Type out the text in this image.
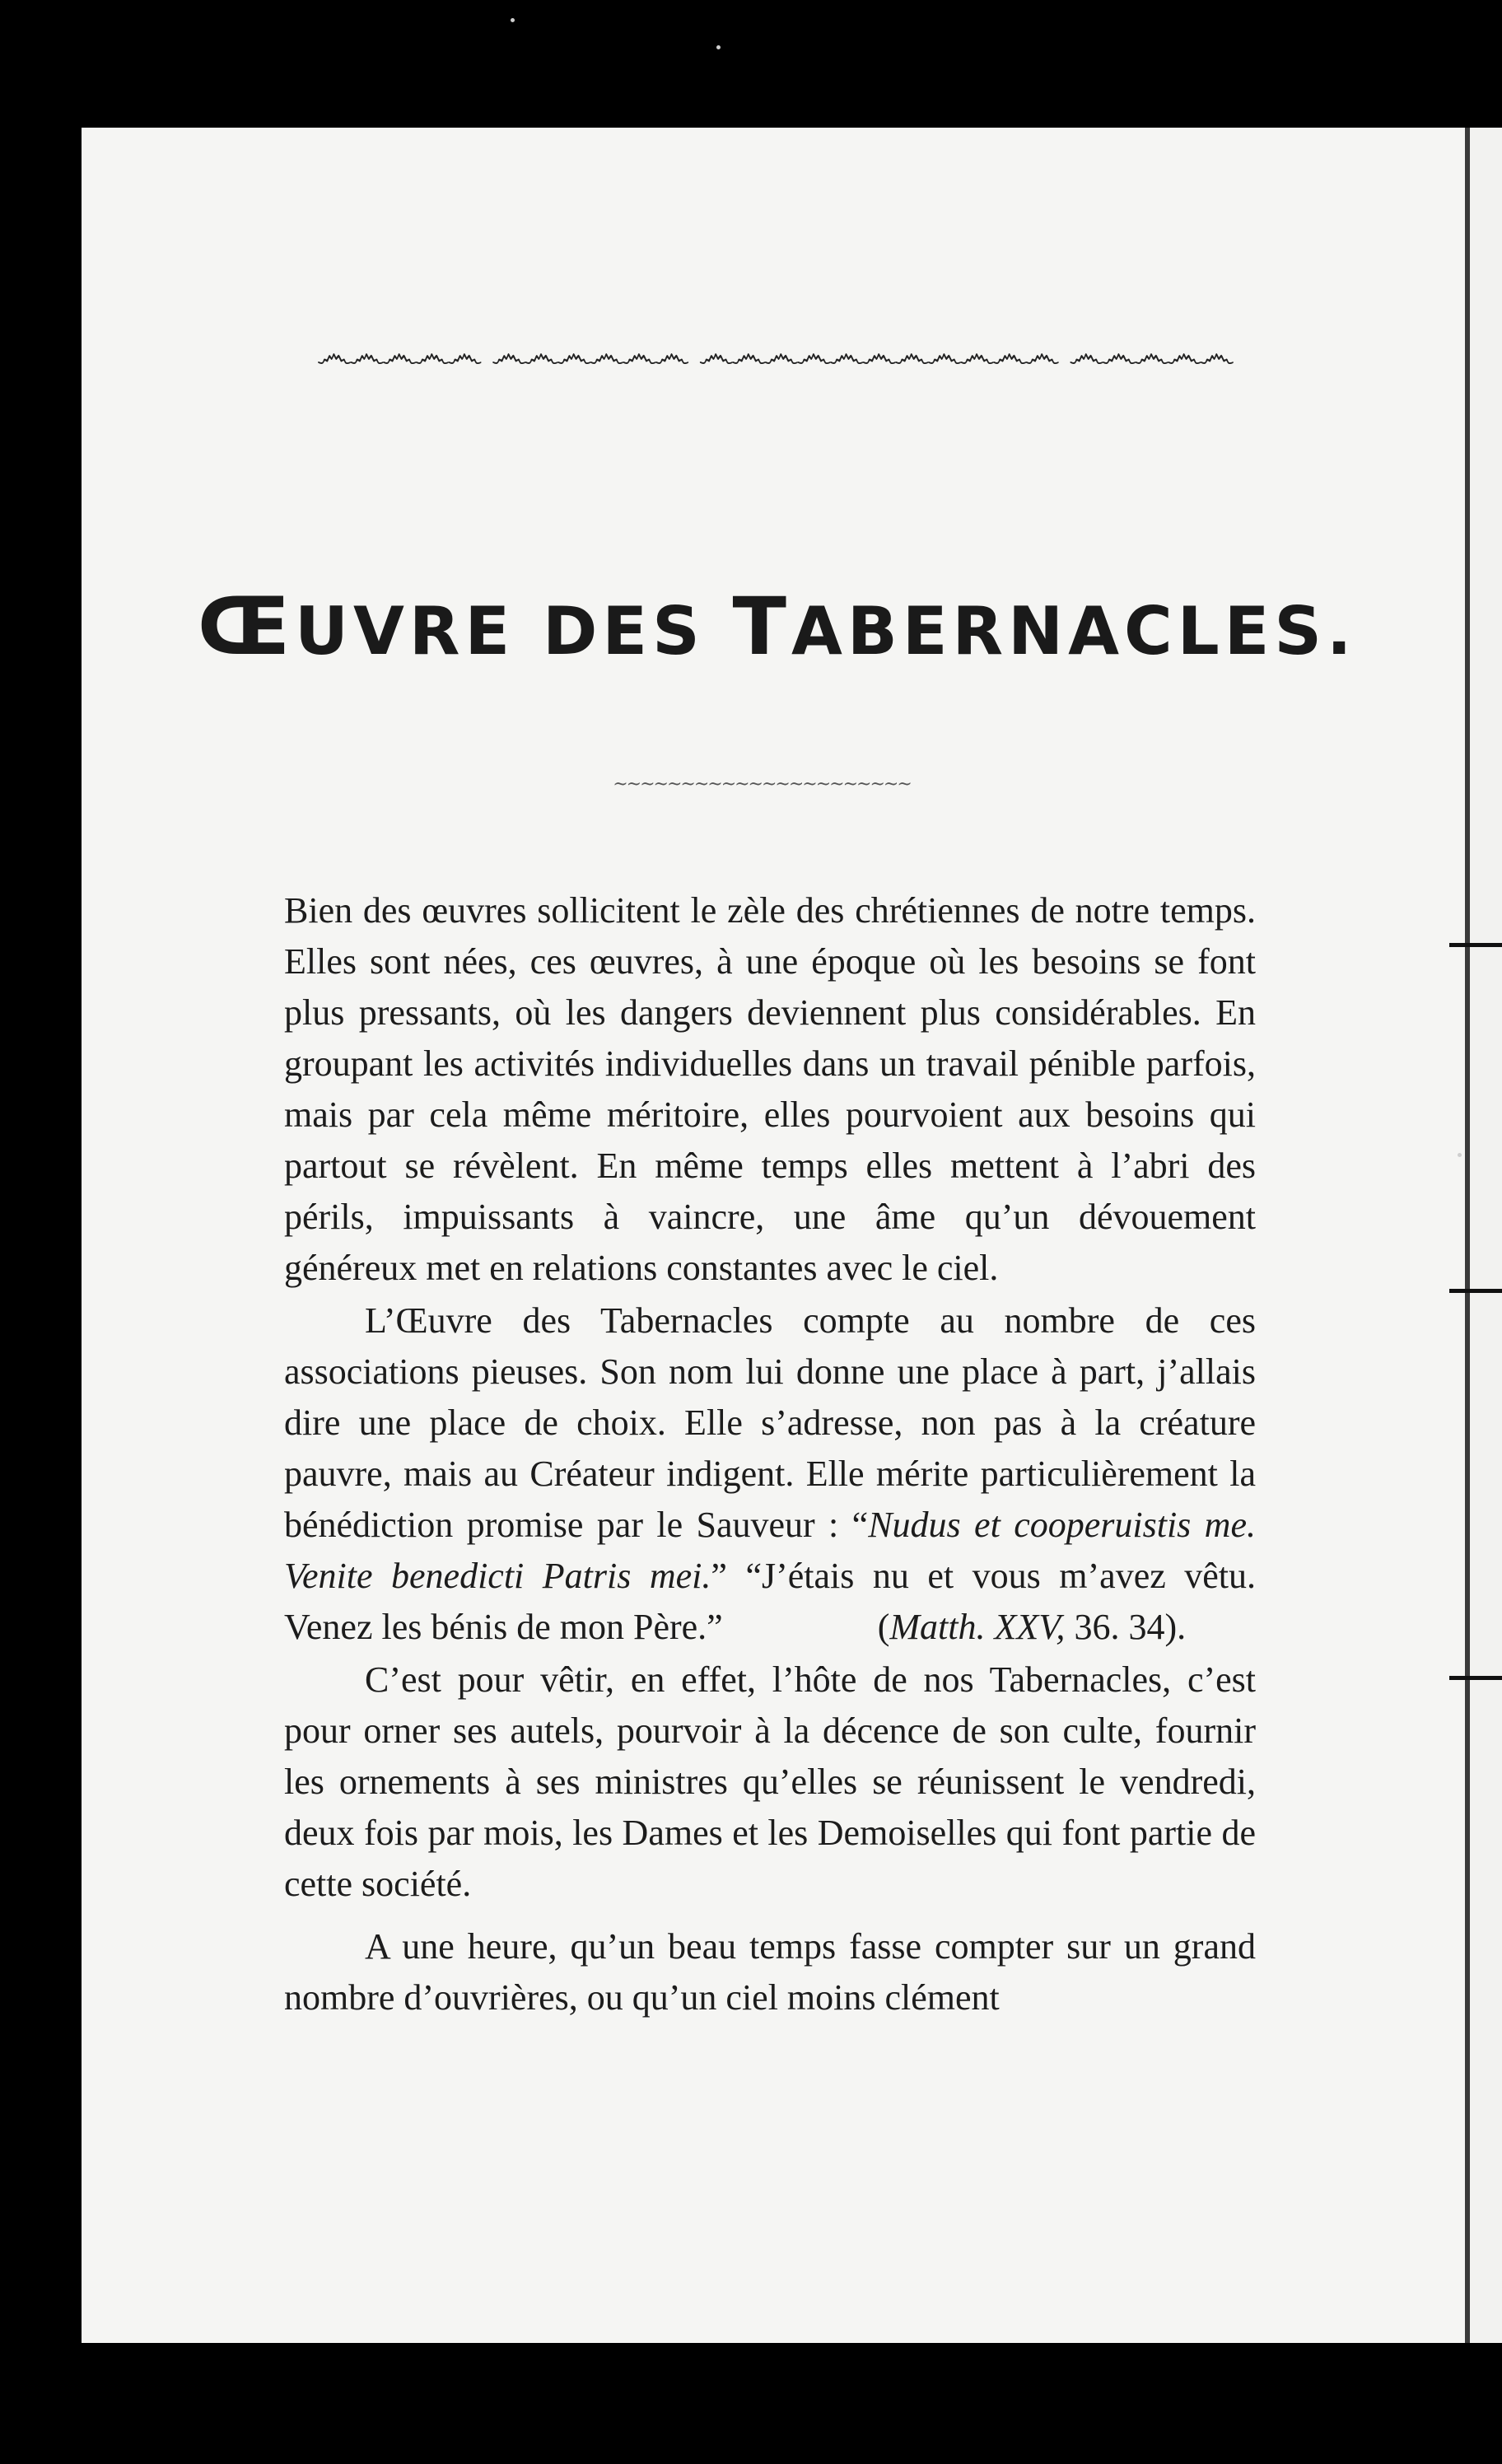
෴෴෴෴෴ ෴෴෴෴෴෴ ෴෴෴෴෴෴෴෴෴෴෴ ෴෴෴෴෴
ŒUVRE DES TABERNACLES.
~~~~~~~~~~~~~~~~~~~~~~

Bien des œuvres sollicitent le zèle des chrétiennes de notre temps. Elles sont nées, ces œuvres, à une époque où les besoins se font plus pressants, où les dangers deviennent plus considérables. En groupant les activités individuelles dans un travail pénible parfois, mais par cela même méritoire, elles pourvoient aux besoins qui partout se révèlent. En même temps elles mettent à l’abri des périls, impuissants à vaincre, une âme qu’un dévouement généreux met en relations constantes avec le ciel.

L’Œuvre des Tabernacles compte au nombre de ces associations pieuses. Son nom lui donne une place à part, j’allais dire une place de choix. Elle s’adresse, non pas à la créature pauvre, mais au Créateur indigent. Elle mérite particulièrement la bénédiction promise par le Sauveur : “Nudus et cooperuistis me. Venite benedicti Patris mei.” “J’étais nu et vous m’avez vêtu. Venez les bénis de mon Père.”	(Matth. XXV, 36. 34).

C’est pour vêtir, en effet, l’hôte de nos Tabernacles, c’est pour orner ses autels, pourvoir à la décence de son culte, fournir les ornements à ses ministres qu’elles se réunissent le vendredi, deux fois par mois, les Dames et les Demoiselles qui font partie de cette société.

A une heure, qu’un beau temps fasse compter sur un grand nombre d’ouvrières, ou qu’un ciel moins clément
